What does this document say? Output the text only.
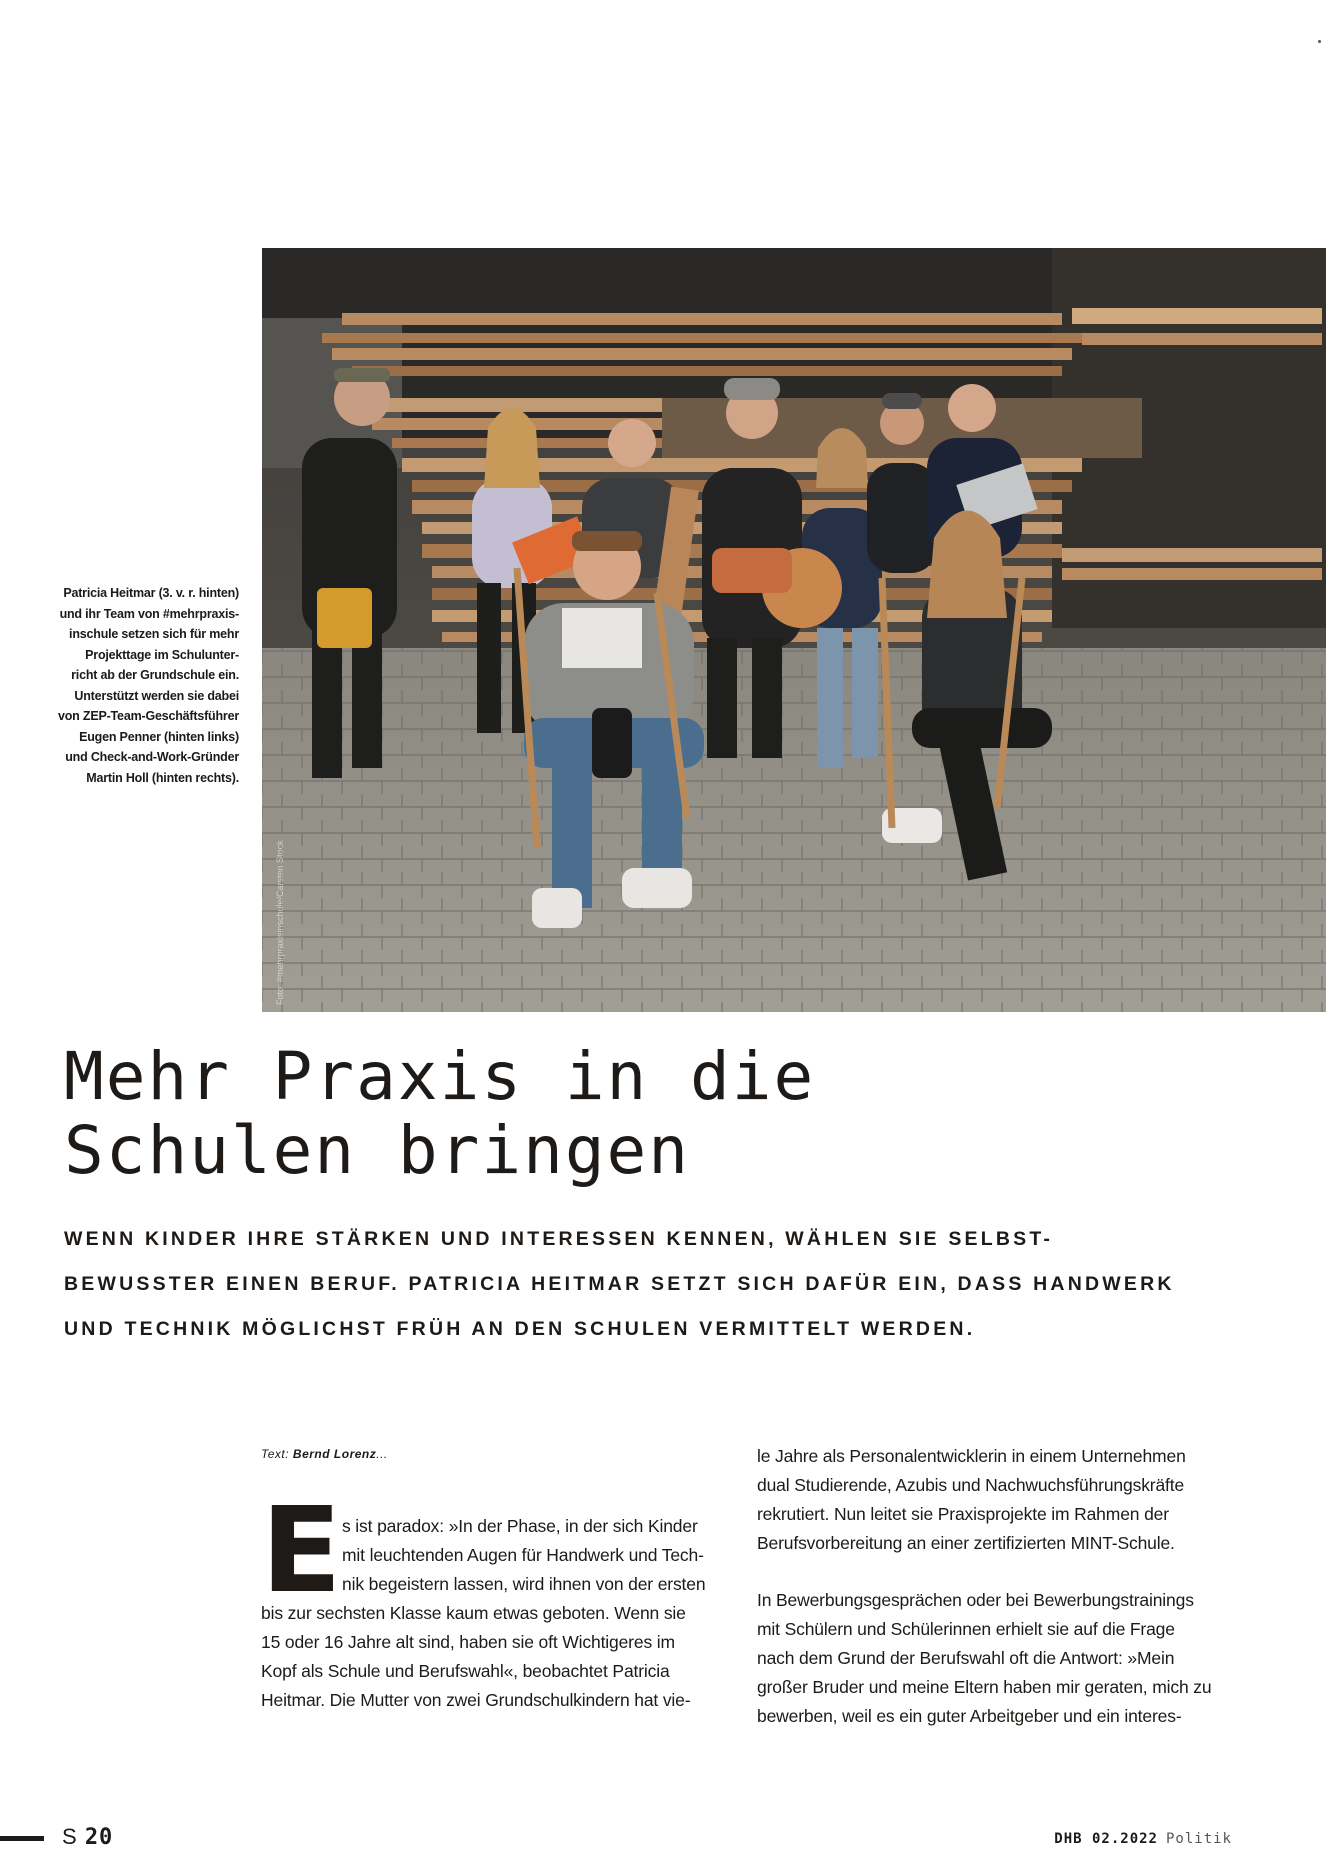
Foto: #mehrpraxisinschule/Carsten Stock
Patricia Heitmar (3. v. r. hinten)
und ihr Team von #mehrpraxis-
inschule setzen sich für mehr
Projekttage im Schulunter-
richt ab der Grundschule ein.
Unterstützt werden sie dabei
von ZEP-Team-Geschäftsführer
Eugen Penner (hinten links)
und Check-and-Work-Gründer
Martin Holl (hinten rechts).
Mehr Praxis in die
Schulen bringen
WENN KINDER IHRE STÄRKEN UND INTERESSEN KENNEN, WÄHLEN SIE SELBST-
BEWUSSTER EINEN BERUF. PATRICIA HEITMAR SETZT SICH DAFÜR EIN, DASS HANDWERK
UND TECHNIK MÖGLICHST FRÜH AN DEN SCHULEN VERMITTELT WERDEN.
Text: Bernd Lorenz...
E s ist paradox: »In der Phase, in der sich Kinder
mit leuchtenden Augen für Handwerk und Tech-
nik begeistern lassen, wird ihnen von der ersten
bis zur sechsten Klasse kaum etwas geboten. Wenn sie
15 oder 16 Jahre alt sind, haben sie oft Wichtigeres im
Kopf als Schule und Berufswahl«, beobachtet Patricia
Heitmar. Die Mutter von zwei Grundschulkindern hat vie-
le Jahre als Personalentwicklerin in einem Unternehmen
dual Studierende, Azubis und Nachwuchsführungskräfte
rekrutiert. Nun leitet sie Praxisprojekte im Rahmen der
Berufsvorbereitung an einer zertifizierten MINT-Schule.
In Bewerbungsgesprächen oder bei Bewerbungstrainings
mit Schülern und Schülerinnen erhielt sie auf die Frage
nach dem Grund der Berufswahl oft die Antwort: »Mein
großer Bruder und meine Eltern haben mir geraten, mich zu
bewerben, weil es ein guter Arbeitgeber und ein interes-
S 20	DHB 02.2022 Politik
